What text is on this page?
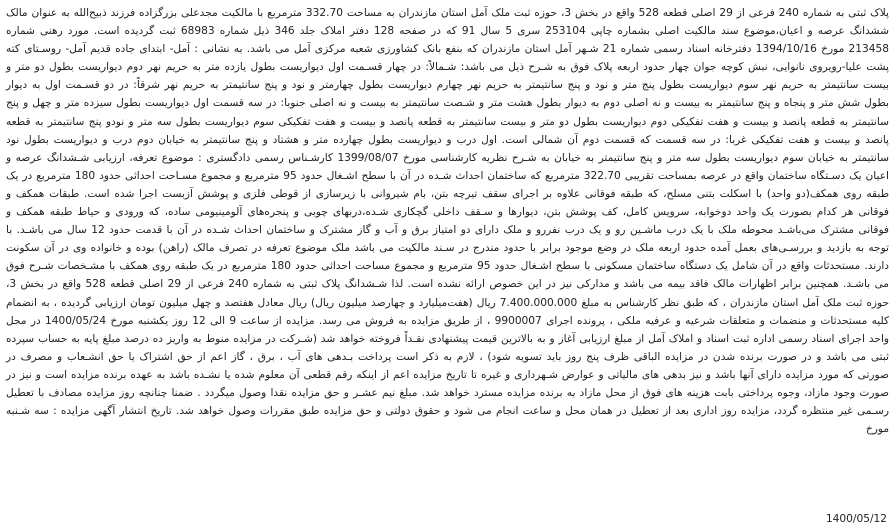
پلاک ثبتی به شماره 240 فرعی از 29 اصلی قطعه 528 واقع در بخش 3، حوزه ثبت ملک آمل استان مازندران به مساحت 332.70 مترمربع با مالکیت مجدعلی بزرگزاده فرزند ذبیح‌الله به عنوان مالک ششدانگ عرصه و اعیان،موضوع سند مالکیت اصلی بشماره چاپی 253104 سری 5 سال 91 که در صفحه 128 دفتر املاک جلد 346 ذیل شماره 68983 ثبت گردیده است. مورد رهنی شماره 213458 مورخ 1394/10/16 دفترخانه اسناد رسمی شماره 21 شـهر آمل استان مازندران که بنفع بانک کشاورزی شعبه مرکزی آمل می باشد. به نشانی : آمل- ابتدای جاده قدیم آمل- روسـتای کته پشت علیا-رویروی نانوایی، نبش کوچه جوان چهار حدود اربعه پلاک فوق به شـرح ذیل می باشد: شـمالاً: در چهار قسـمت اول دیواریست بطول یازده متر به حریم نهر دوم دیواریست بطول دو متر و بیست سانتیمتر به حریم نهر سوم دیواریست بطول پنج متر و نود و پنج سانتیمتر به حریم نهر چهارم دیواریست بطول چهارمتر و نود و پنج سانتیمتر به حریم نهر شرقاً: در دو قسـمت اول به دیوار بطول شش متر و پنجاه و پنج سانتیمتر به بیست و نه اصلی دوم به دیوار بطول هشت متر و شـصت سانتیمتر به بیست و نه اصلی جنوبا: در سه قسمت اول دیواریست بطول سیزده متر و چهل و پنج سانتیمتر به قطعه پانصد و بیست و هفت تفکیکی دوم دیواریست بطول دو متر و بیست سانتیمتر به قطعه پانصد و بیست و هفت تفکیکی سوم دیواریست بطول سه متر و نودو پنج سانتیمتر به قطعه پانصد و بیست و هفت تفکیکی غربا: در سه قسمت که قسمت دوم آن شمالی است. اول درب و دیواریست بطول چهارده متر و هشتاد و پنج سانتیمتر به خیابان دوم درب و دیواریست بطول نود سانتیمتر به خیابان سوم دیواریست بطول سه متر و پنج سانتیمتر به خیابان به شـرح نظریه کارشناسی مورخ 1399/08/07 کارشـناس رسمی دادگستری : موضوع تعرفه، ارزیابی شـشدانگ عرصه و اعیان یک دسـتگاه ساختمان واقع در عرصه بمساحت تقریبی 322.70 مترمربع که ساختمان احداث شـده در آن با سطح اشـغال حدود 95 مترمربع و مجموع مسـاحت احداثی حدود 180 مترمربع در یک طبقه روی همکف(دو واحد) با اسکلت بتنی مسلح، که طبقه فوقانی علاوه بر اجرای سقف تیرچه بتن، بام شیروانی با زیرسازی از قوطی فلزی و پوشش آزبست اجرا شده است. طبقات همکف و فوقانی هر کدام بصورت یک واحد دوخوابه، سرویس کامل، کف پوشش بتن، دیوارها و سـقف داخلی گچکاری شـده،دربهای چوبی و پنجره‌های آلومینیومی ساده، که ورودی و حیاط طبقه همکف و فوقانی مشترک می‌باشـد محوطه ملک با یک درب ماشـین رو و یک درب نفررو و ملک دارای دو امتیاز برق و آب و گاز مشترک و ساختمان احداث شـده در آن با قدمت حدود 12 سال می باشـد. با توجه به بازدید و بررسـی‌های بعمل آمده حدود اربعه ملک در وضع موجود برابر با حدود مندرج در سـند مالکیت می باشد ملک موضوع تعرفه در تصرف مالک (راهن) بوده و خانواده وی در آن سکونت دارند. مستحدثات واقع در آن شامل یک دستگاه ساختمان مسکونی با سطح اشـغال حدود 95 مترمربع و مجموع مساحت احداثی حدود 180 مترمربع در یک طبقه روی همکف با مشـخصات شـرح فوق می باشـد. همچنین برابر اظهارات مالک فاقد بیمه می باشد و مدارکی نیز در این خصوص ارائه نشده است. لذا شـشدانگ پلاک ثبتی به شماره 240 فرعی از 29 اصلی قطعه 528 واقع در بخش 3، حوزه ثبت ملک آمل استان مازندران ، که طبق نظر کارشناس به مبلغ 7.400.000.000 ریال (هفت‌میلیارد و چهارصد میلیون ریال) ریال معادل هفتصد و چهل میلیون تومان ارزیابی گردیده ، به انضمام کلیه مستحدثات و منضمات و متعلقات شرعیه و عرفیه ملکی ، پرونده اجرای 9900007 ، از طریق مزایده به فروش می رسد. مزایده از ساعت 9 الی 12 روز یکشنبه مورخ 1400/05/24 در محل واحد اجرای اسناد رسمی اداره ثبت اسناد و املاک آمل از مبلغ ارزیابی آغاز و به بالاترین قیمت پیشنهادی نقـداً فروخته خواهد شد (شـرکت در مزایده منوط به واریز ده درصد مبلغ پایه به حساب سپرده ثبتی می باشد و در صورت برنده شدن در مزایده الباقی ظرف پنج روز باید تسویه شود) ، لازم به ذکر است پرداخت بـدهی های آب ، برق ، گاز اعم از حق اشتراک یا حق انشـعاب و مصرف در صورتی که مورد مزایده دارای آنها باشد و نیز بدهی های مالیاتی و عوارض شـهرداری و غیره تا تاریخ مزایده اعم از اینکه رقم قطعی آن معلوم شده یا نشـده باشد به عهده برنده مزایده است و نیز در صورت وجود مازاد، وجوه پرداختی بابت هزینه های فوق از محل مازاد به برنده مزایده مسترد خواهد شد. مبلغ نیم عشـر و حق مزایده نقدا وصول میگردد . ضمنا چنانچه روز مزایده مصادف با تعطیل رسـمی غیر منتظره گردد، مزایده روز اداری بعد از تعطیل در همان محل و ساعت انجام می شود و حقوق دولتی و حق مزایده طبق مقررات وصول خواهد شد. تاریخ انتشار آگهی مزایده : سه شـنبه مورخ

1400/05/12
